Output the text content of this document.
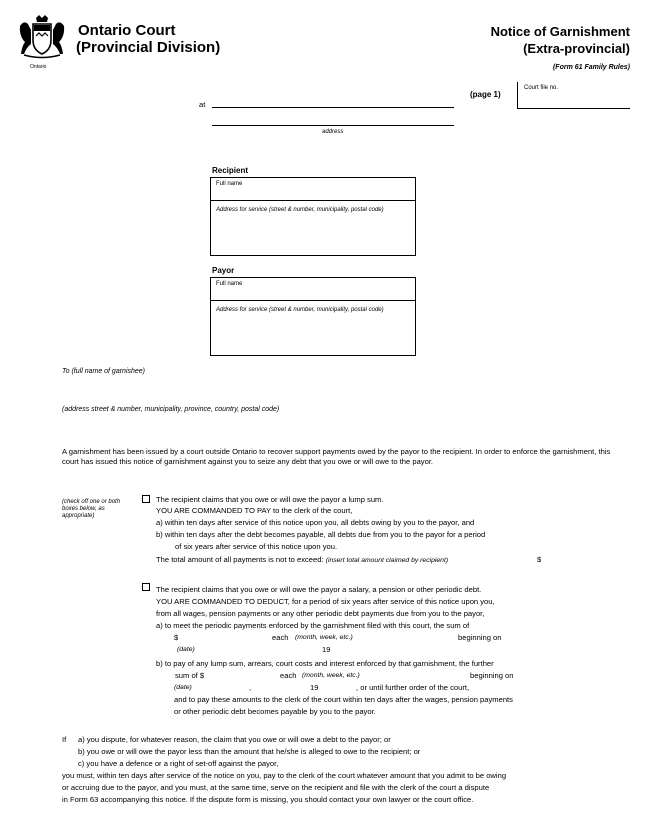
Ontario
Ontario Court
(Provincial Division)
Notice of Garnishment
(Extra-provincial)
(Form 61 Family Rules)
(page 1)
Court file no.
at
address
Recipient
Full name
Address for service (street & number, municipality, postal code)
Payor
Full name
Address for service (street & number, municipality, postal code)
To (full name of garnishee)
(address street & number, municipality, province, country, postal code)
A garnishment has been issued by a court outside Ontario to recover support payments owed by the payor to the recipient. In order to enforce the garnishment, this court has issued this notice of garnishment against you to seize any debt that you owe or will owe to the payor.
(check off one or both boxes below, as appropriate)
The recipient claims that you owe or will owe the payor a lump sum.
YOU ARE COMMANDED TO PAY to the clerk of the court,
a) within ten days after service of this notice upon you, all debts owing by you to the payor, and
b) within ten days after the debt becomes payable, all debts due from you to the payor for a period
of six years after service of this notice upon you.
The total amount of all payments is not to exceed: (insert total amount claimed by recipient)	$
The recipient claims that you owe or will owe the payor a salary, a pension or other periodic debt.
YOU ARE COMMANDED TO DEDUCT, for a period of six years after service of this notice upon you,
from all wages, pension payments or any other periodic debt payments due from you to the payor,
a) to meet the periodic payments enforced by the garnishment filed with this court, the sum of
$	each (month, week, etc.)	beginning on
(date)	19
b) to pay of any lump sum, arrears, court costs and interest enforced by that garnishment, the further
sum of $	each (month, week, etc.)	beginning on
(date)	,	19	, or until further order of the court,
and to pay these amounts to the clerk of the court within ten days after the wages, pension payments
or other periodic debt becomes payable by you to the payor.
If a) you dispute, for whatever reason, the claim that you owe or will owe a debt to the payor; or
b) you owe or will owe the payor less than the amount that he/she is alleged to owe to the recipient; or
c) you have a defence or a right of set-off against the payor,
you must, within ten days after service of the notice on you, pay to the clerk of the court whatever amount that you admit to be owing
or accruing due to the payor, and you must, at the same time, serve on the recipient and file with the clerk of the court a dispute
in Form 63 accompanying this notice. If the dispute form is missing, you should contact your own lawyer or the court office.
